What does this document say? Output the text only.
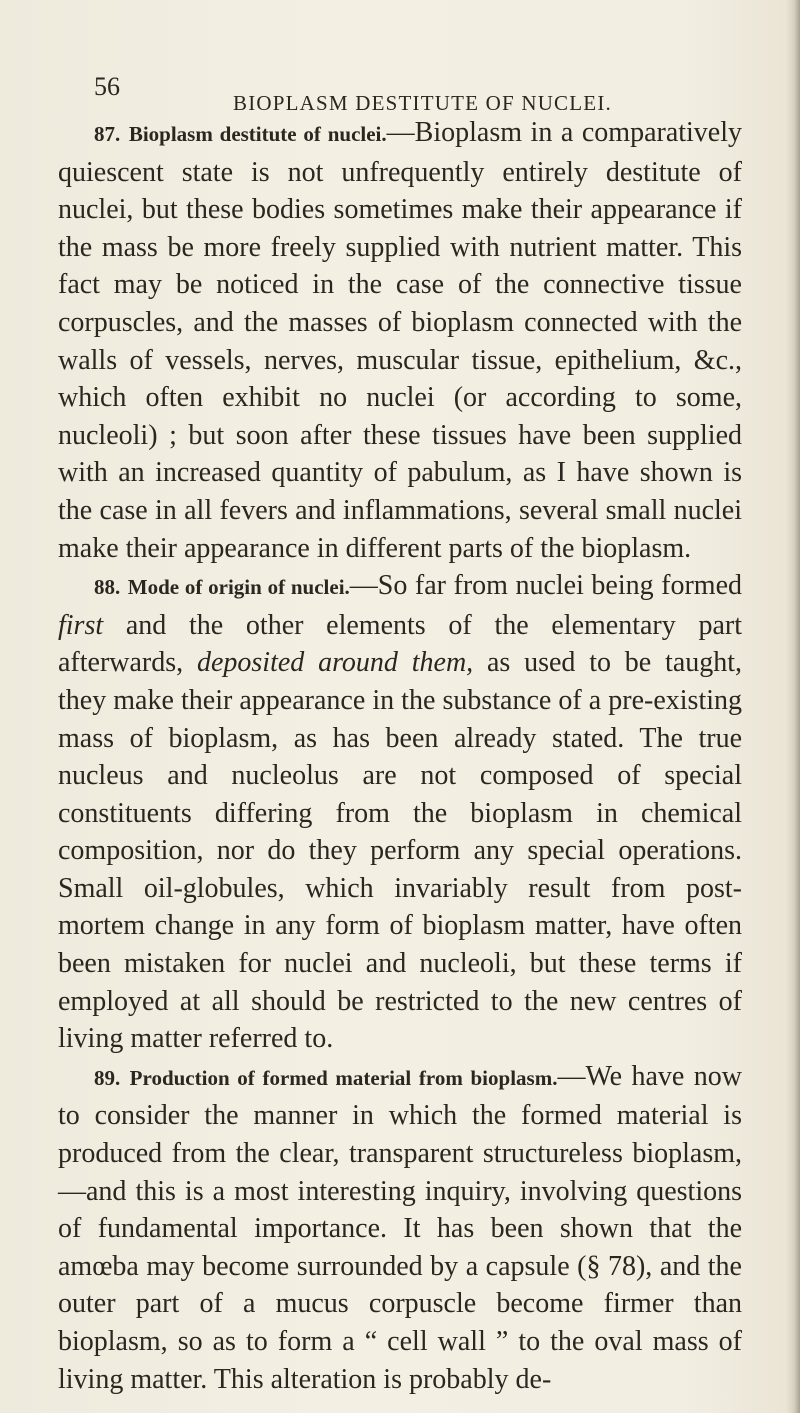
56
BIOPLASM DESTITUTE OF NUCLEI.

87. Bioplasm destitute of nuclei.—Bioplasm in a comparatively quiescent state is not unfrequently entirely destitute of nuclei, but these bodies sometimes make their appearance if the mass be more freely supplied with nutrient matter. This fact may be noticed in the case of the connective tissue corpuscles, and the masses of bioplasm connected with the walls of vessels, nerves, muscular tissue, epithelium, &c., which often exhibit no nuclei (or according to some, nucleoli) ; but soon after these tissues have been supplied with an increased quantity of pabulum, as I have shown is the case in all fevers and inflammations, several small nuclei make their appearance in different parts of the bioplasm.

88. Mode of origin of nuclei.—So far from nuclei being formed first and the other elements of the elementary part afterwards, deposited around them, as used to be taught, they make their appearance in the substance of a pre-existing mass of bioplasm, as has been already stated. The true nucleus and nucleolus are not composed of special constituents differing from the bioplasm in chemical composition, nor do they perform any special operations. Small oil-globules, which invariably result from post-mortem change in any form of bioplasm matter, have often been mistaken for nuclei and nucleoli, but these terms if employed at all should be restricted to the new centres of living matter referred to.

89. Production of formed material from bioplasm.—We have now to consider the manner in which the formed material is produced from the clear, transparent structureless bioplasm,—and this is a most interesting inquiry, involving questions of fundamental importance. It has been shown that the amœba may become surrounded by a capsule (§ 78), and the outer part of a mucus corpuscle become firmer than bioplasm, so as to form a “ cell wall ” to the oval mass of living matter. This alteration is probably de-
